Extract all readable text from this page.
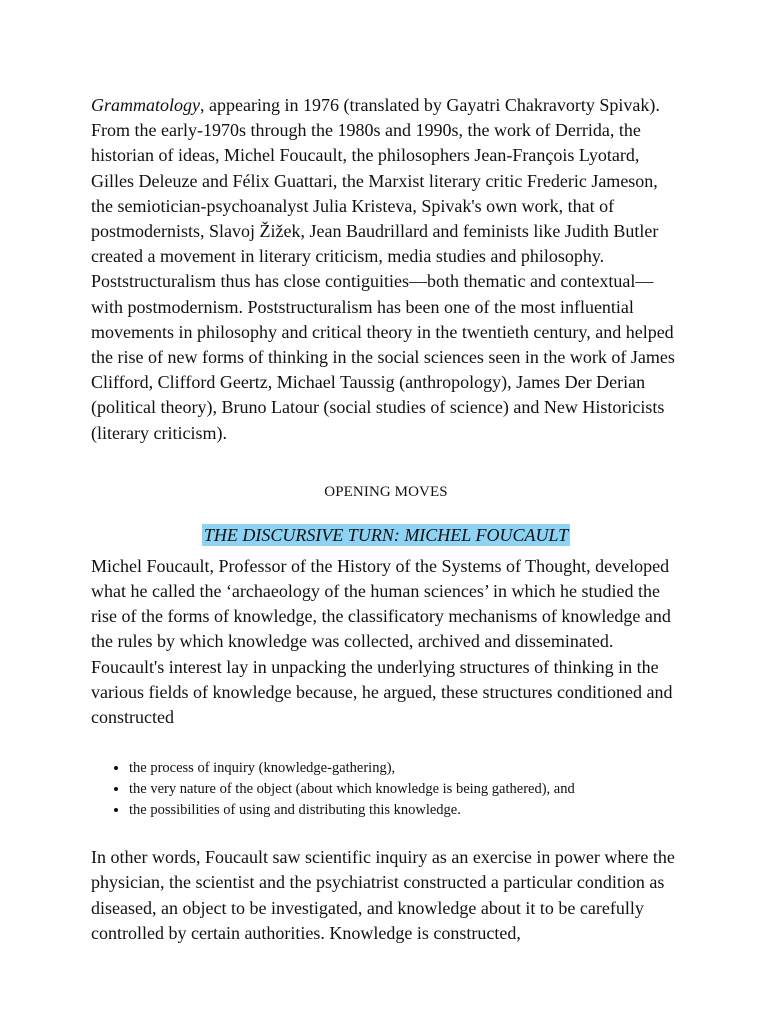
Grammatology, appearing in 1976 (translated by Gayatri Chakravorty Spivak). From the early-1970s through the 1980s and 1990s, the work of Derrida, the historian of ideas, Michel Foucault, the philosophers Jean-François Lyotard, Gilles Deleuze and Félix Guattari, the Marxist literary critic Frederic Jameson, the semiotician-psychoanalyst Julia Kristeva, Spivak's own work, that of postmodernists, Slavoj Žižek, Jean Baudrillard and feminists like Judith Butler created a movement in literary criticism, media studies and philosophy. Poststructuralism thus has close contiguities—both thematic and contextual—with postmodernism. Poststructuralism has been one of the most influential movements in philosophy and critical theory in the twentieth century, and helped the rise of new forms of thinking in the social sciences seen in the work of James Clifford, Clifford Geertz, Michael Taussig (anthropology), James Der Derian (political theory), Bruno Latour (social studies of science) and New Historicists (literary criticism).

OPENING MOVES

THE DISCURSIVE TURN: MICHEL FOUCAULT

Michel Foucault, Professor of the History of the Systems of Thought, developed what he called the ‘archaeology of the human sciences’ in which he studied the rise of the forms of knowledge, the classificatory mechanisms of knowledge and the rules by which knowledge was collected, archived and disseminated. Foucault's interest lay in unpacking the underlying structures of thinking in the various fields of knowledge because, he argued, these structures conditioned and constructed

• the process of inquiry (knowledge-gathering),
• the very nature of the object (about which knowledge is being gathered), and
• the possibilities of using and distributing this knowledge.

In other words, Foucault saw scientific inquiry as an exercise in power where the physician, the scientist and the psychiatrist constructed a particular condition as diseased, an object to be investigated, and knowledge about it to be carefully controlled by certain authorities. Knowledge is constructed,
